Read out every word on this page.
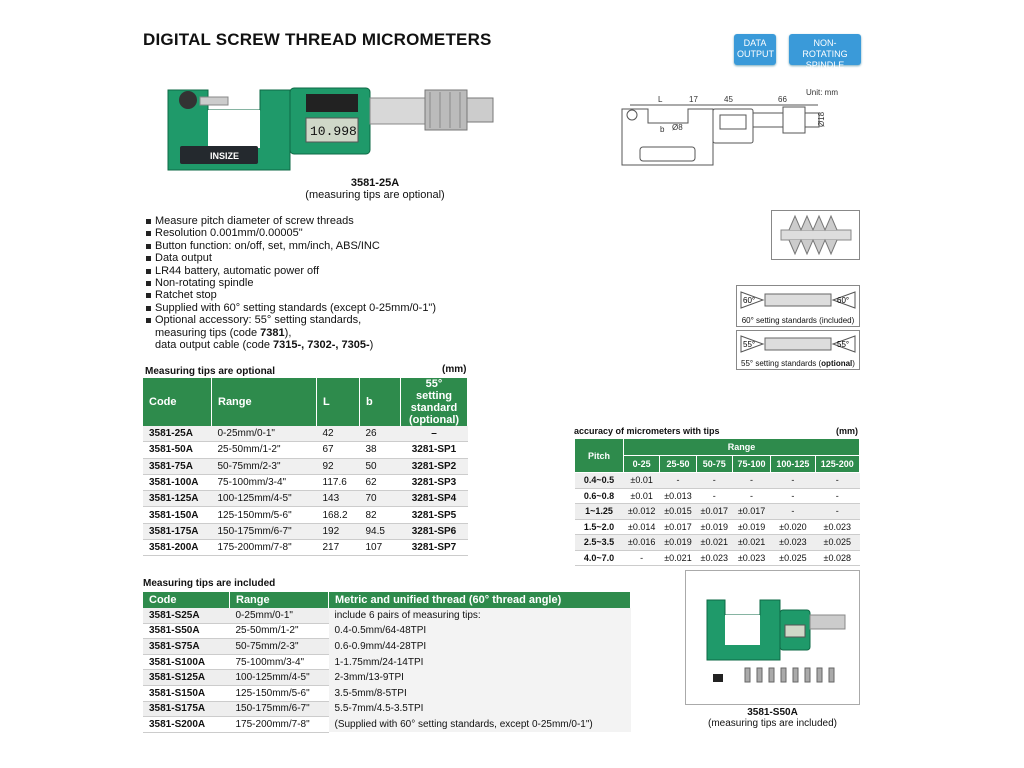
DIGITAL SCREW THREAD MICROMETERS	DATA OUTPUT
NON-ROTATING SPINDLE
INSIZE
10.998
3581-25A
(measuring tips are optional)
Unit: mm
L	17	45	66
b Ø8
Ø18
60°	60°
60° setting standards (included)
55°	55°
55° setting standards (optional)
Measure pitch diameter of screw threads
Resolution 0.001mm/0.00005"
Button function: on/off, set, mm/inch, ABS/INC
Data output
LR44 battery, automatic power off
Non-rotating spindle
Ratchet stop
Supplied with 60° setting standards (except 0-25mm/0-1")
Optional accessory: 55° setting standards,
measuring tips (code 7381),
data output cable (code 7315-, 7302-, 7305-)
Measuring tips are optional	(mm)
Code	Range	L	b	55° setting standard (optional)
3581-25A	0-25mm/0-1"	42	26	–
3581-50A	25-50mm/1-2"	67	38	3281-SP1
3581-75A	50-75mm/2-3"	92	50	3281-SP2
3581-100A	75-100mm/3-4"	117.6	62	3281-SP3
3581-125A	100-125mm/4-5"	143	70	3281-SP4
3581-150A	125-150mm/5-6"	168.2	82	3281-SP5
3581-175A	150-175mm/6-7"	192	94.5	3281-SP6
3581-200A	175-200mm/7-8"	217	107	3281-SP7
accuracy of micrometers with tips	(mm)
Pitch	Range					
	0-25	25-50	50-75	75-100	100-125	125-200
0.4~0.5	±0.01	-	-	-	-	-
0.6~0.8	±0.01	±0.013	-	-	-	-
1~1.25	±0.012	±0.015	±0.017	±0.017	-	-
1.5~2.0	±0.014	±0.017	±0.019	±0.019	±0.020	±0.023
2.5~3.5	±0.016	±0.019	±0.021	±0.021	±0.023	±0.025
4.0~7.0	-	±0.021	±0.023	±0.023	±0.025	±0.028
Measuring tips are included
Code	Range	Metric and unified thread (60° thread angle)
3581-S25A	0-25mm/0-1"	include 6 pairs of measuring tips:
3581-S50A	25-50mm/1-2"	0.4-0.5mm/64-48TPI
3581-S75A	50-75mm/2-3"	0.6-0.9mm/44-28TPI
3581-S100A	75-100mm/3-4"	1-1.75mm/24-14TPI
3581-S125A	100-125mm/4-5"	2-3mm/13-9TPI
3581-S150A	125-150mm/5-6"	3.5-5mm/8-5TPI
3581-S175A	150-175mm/6-7"	5.5-7mm/4.5-3.5TPI
3581-S200A	175-200mm/7-8"	(Supplied with 60° setting standards, except 0-25mm/0-1")
3581-S50A
(measuring tips are included)
